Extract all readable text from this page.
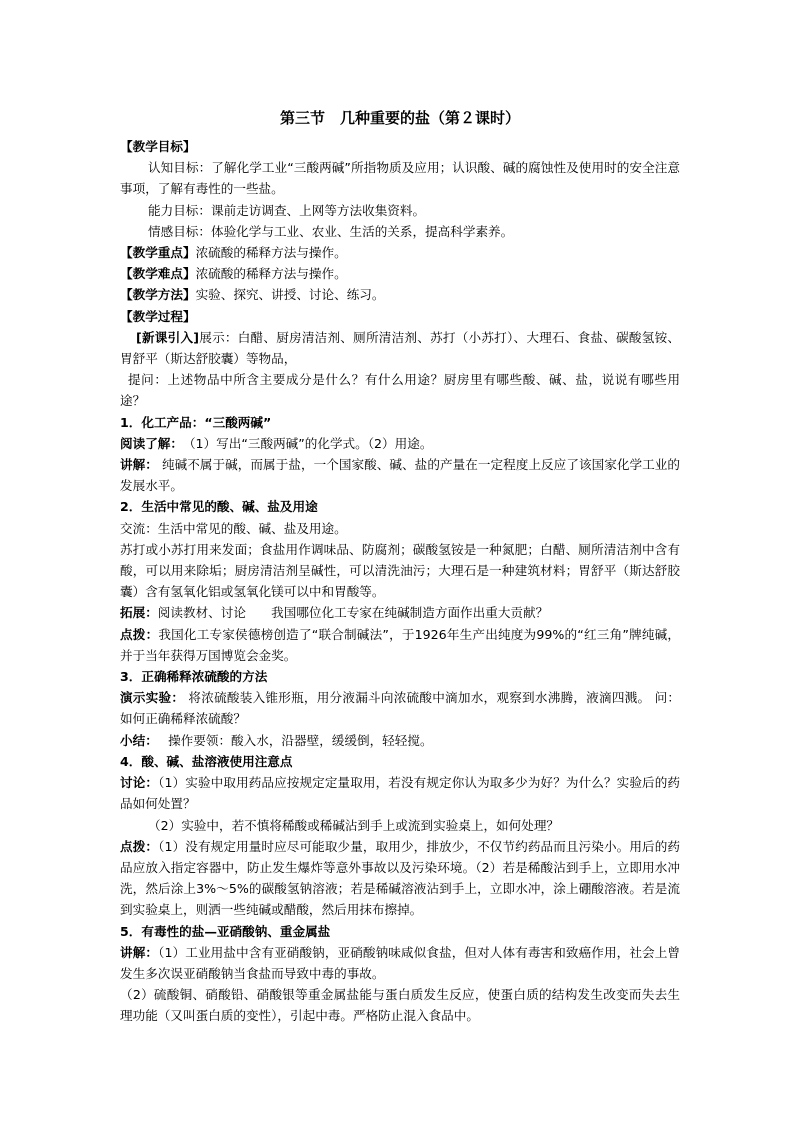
第三节　几种重要的盐（第２课时）

【教学目标】

认知目标：了解化学工业“三酸两碱”所指物质及应用；认识酸、碱的腐蚀性及使用时的安全注意事项，了解有毒性的一些盐。

能力目标：课前走访调查、上网等方法收集资料。

情感目标：体验化学与工业、农业、生活的关系，提高科学素养。

【教学重点】浓硫酸的稀释方法与操作。

【教学难点】浓硫酸的稀释方法与操作。

【教学方法】实验、探究、讲授、讨论、练习。

【教学过程】

[新课引入]展示：白醋、厨房清洁剂、厕所清洁剂、苏打（小苏打）、大理石、食盐、碳酸氢铵、胃舒平（斯达舒胶囊）等物品，

提问：上述物品中所含主要成分是什么？有什么用途？厨房里有哪些酸、碱、盐，说说有哪些用途？

1．化工产品：“三酸两碱”

阅读了解：　（1）写出“三酸两碱”的化学式。（2）用途。

讲解： 纯碱不属于碱，而属于盐，一个国家酸、碱、盐的产量在一定程度上反应了该国家化学工业的发展水平。

2．生活中常见的酸、碱、盐及用途

交流：生活中常见的酸、碱、盐及用途。

苏打或小苏打用来发面；食盐用作调味品、防腐剂；碳酸氢铵是一种氮肥；白醋、厕所清洁剂中含有酸，可以用来除垢；厨房清洁剂呈碱性，可以清洗油污；大理石是一种建筑材料；胃舒平（斯达舒胶囊）含有氢氧化铝或氢氧化镁可以中和胃酸等。

拓展：阅读教材、讨论　　我国哪位化工专家在纯碱制造方面作出重大贡献？

点拨：我国化工专家侯德榜创造了“联合制碱法”，于1926年生产出纯度为99%的“红三角”牌纯碱，并于当年获得万国博览会金奖。

3．正确稀释浓硫酸的方法

演示实验： 将浓硫酸装入锥形瓶，用分液漏斗向浓硫酸中滴加水，观察到水沸腾，液滴四溅。 问：如何正确稀释浓硫酸？

小结：　 操作要领：酸入水，沿器壁，缓缓倒，轻轻搅。

4．酸、碱、盐溶液使用注意点

讨论：（1）实验中取用药品应按规定定量取用，若没有规定你认为取多少为好？为什么？实验后的药品如何处置？

（2）实验中，若不慎将稀酸或稀碱沾到手上或流到实验桌上，如何处理？

点拨：（1）没有规定用量时应尽可能取少量，取用少，排放少，不仅节约药品而且污染小。用后的药品应放入指定容器中，防止发生爆炸等意外事故以及污染环境。（2）若是稀酸沾到手上，立即用水冲洗，然后涂上3%～5%的碳酸氢钠溶液；若是稀碱溶液沾到手上，立即水冲，涂上硼酸溶液。若是流到实验桌上，则洒一些纯碱或醋酸，然后用抹布擦掉。

5．有毒性的盐—亚硝酸钠、重金属盐

讲解：（1）工业用盐中含有亚硝酸钠，亚硝酸钠味咸似食盐，但对人体有毒害和致癌作用，社会上曾发生多次误亚硝酸钠当食盐而导致中毒的事故。

（2）硫酸铜、硝酸铅、硝酸银等重金属盐能与蛋白质发生反应，使蛋白质的结构发生改变而失去生理功能（又叫蛋白质的变性），引起中毒。严格防止混入食品中。
